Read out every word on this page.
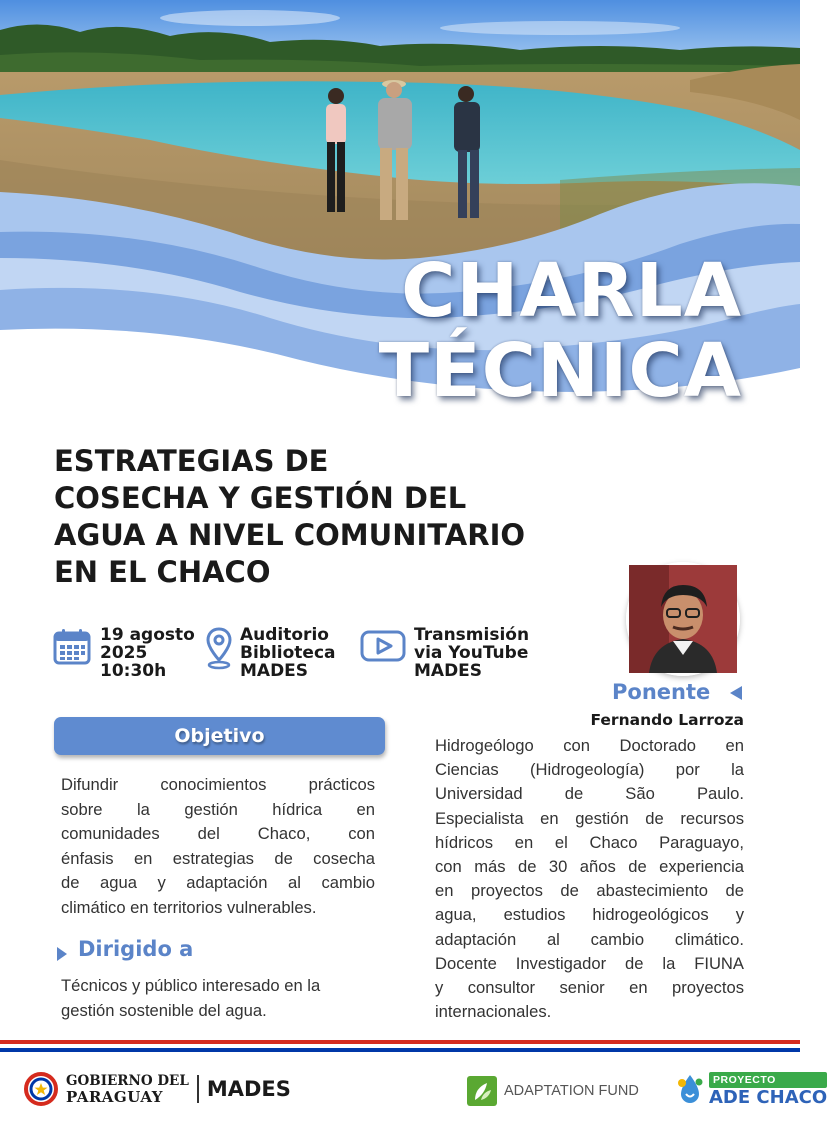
CHARLA
TÉCNICA
ESTRATEGIAS DE
COSECHA Y GESTIÓN DEL
AGUA A NIVEL COMUNITARIO
EN EL CHACO
19 agosto
2025
10:30h
Auditorio
Biblioteca
MADES
Transmisión
via YouTube
MADES
Ponente
Fernando Larroza
Hidrogeólogo con Doctorado en
Ciencias (Hidrogeología) por la
Universidad de São Paulo.
Especialista en gestión de recursos
hídricos en el Chaco Paraguayo,
con más de 30 años de experiencia
en proyectos de abastecimiento de
agua, estudios hidrogeológicos y
adaptación al cambio climático.
Docente Investigador de la FIUNA
y consultor senior en proyectos
internacionales.
Objetivo
Difundir conocimientos prácticos
sobre la gestión hídrica en
comunidades del Chaco, con
énfasis en estrategias de cosecha
de agua y adaptación al cambio
climático en territorios vulnerables.
Dirigido a
Técnicos y público interesado en la
gestión sostenible del agua.
GOBIERNO DEL
PARAGUAY	MADES	ADAPTATION FUND
PROYECTO
ADE CHACO
